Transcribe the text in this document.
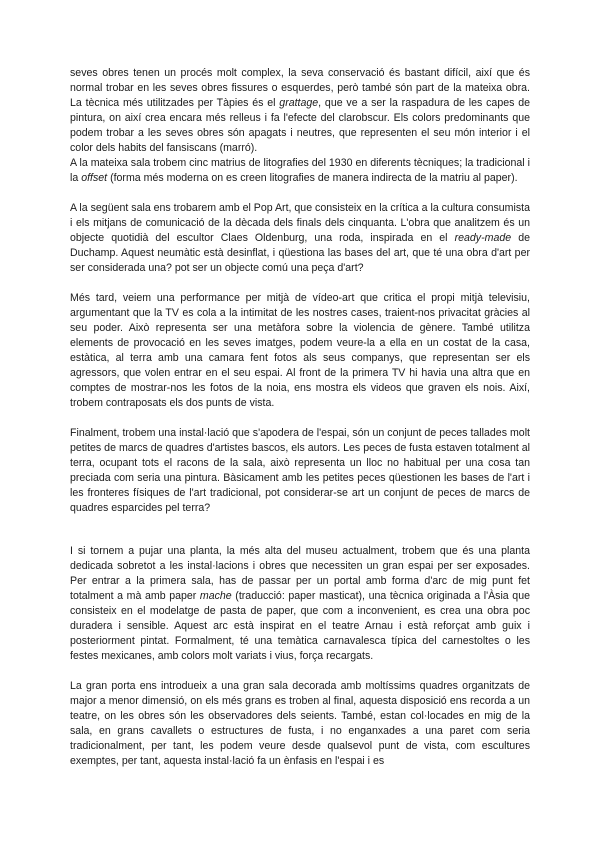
seves obres tenen un procés molt complex, la seva conservació és bastant difícil, així que és normal trobar en les seves obres fissures o esquerdes, però també són part de la mateixa obra. La tècnica més utilitzades per Tàpies és el grattage, que ve a ser la raspadura de les capes de pintura, on així crea encara més relleus i fa l'efecte del clarobscur. Els colors predominants que podem trobar a les seves obres són apagats i neutres, que representen el seu món interior i el color dels habits del fansiscans (marró).

A la mateixa sala trobem cinc matrius de litografies del 1930 en diferents tècniques; la tradicional i la offset (forma més moderna on es creen litografies de manera indirecta de la matriu al paper).

A la següent sala ens trobarem amb el Pop Art, que consisteix en la crítica a la cultura consumista i els mitjans de comunicació de la dècada dels finals dels cinquanta. L'obra que analitzem és un objecte quotidià del escultor Claes Oldenburg, una roda, inspirada en el ready-made de Duchamp. Aquest neumàtic està desinflat, i qüestiona las bases del art, que té una obra d'art per ser considerada una? pot ser un objecte comú una peça d'art?

Més tard, veiem una performance per mitjà de vídeo-art que critica el propi mitjà televisiu, argumentant que la TV es cola a la intimitat de les nostres cases, traient-nos privacitat gràcies al seu poder. Això representa ser una metàfora sobre la violencia de gènere. També utilitza elements de provocació en les seves imatges, podem veure-la a ella en un costat de la casa, estàtica, al terra amb una camara fent fotos als seus companys, que representan ser els agressors, que volen entrar en el seu espai. Al front de la primera TV hi havia una altra que en comptes de mostrar-nos les fotos de la noia, ens mostra els videos que graven els nois. Així, trobem contraposats els dos punts de vista.

Finalment, trobem una instal·lació que s'apodera de l'espai, són un conjunt de peces tallades molt petites de marcs de quadres d'artistes bascos, els autors. Les peces de fusta estaven totalment al terra, ocupant tots el racons de la sala, això representa un lloc no habitual per una cosa tan preciada com seria una pintura. Bàsicament amb les petites peces qüestionen les bases de l'art i les fronteres físiques de l'art tradicional, pot considerar-se art un conjunt de peces de marcs de quadres esparcides pel terra?

I si tornem a pujar una planta, la més alta del museu actualment, trobem que és una planta dedicada sobretot a les instal·lacions i obres que necessiten un gran espai per ser exposades. Per entrar a la primera sala, has de passar per un portal amb forma d'arc de mig punt fet totalment a mà amb paper mache (traducció: paper masticat), una tècnica originada a l'Àsia que consisteix en el modelatge de pasta de paper, que com a inconvenient, es crea una obra poc duradera i sensible. Aquest arc està inspirat en el teatre Arnau i està reforçat amb guix i posteriorment pintat. Formalment, té una temàtica carnavalesca típica del carnestoltes o les festes mexicanes, amb colors molt variats i vius, força recargats.

La gran porta ens introdueix a una gran sala decorada amb moltíssims quadres organitzats de major a menor dimensió, on els més grans es troben al final, aquesta disposició ens recorda a un teatre, on les obres són les observadores dels seients. També, estan col·locades en mig de la sala, en grans cavallets o estructures de fusta, i no enganxades a una paret com seria tradicionalment, per tant, les podem veure desde qualsevol punt de vista, com escultures exemptes, per tant, aquesta instal·lació fa un ènfasis en l'espai i es
